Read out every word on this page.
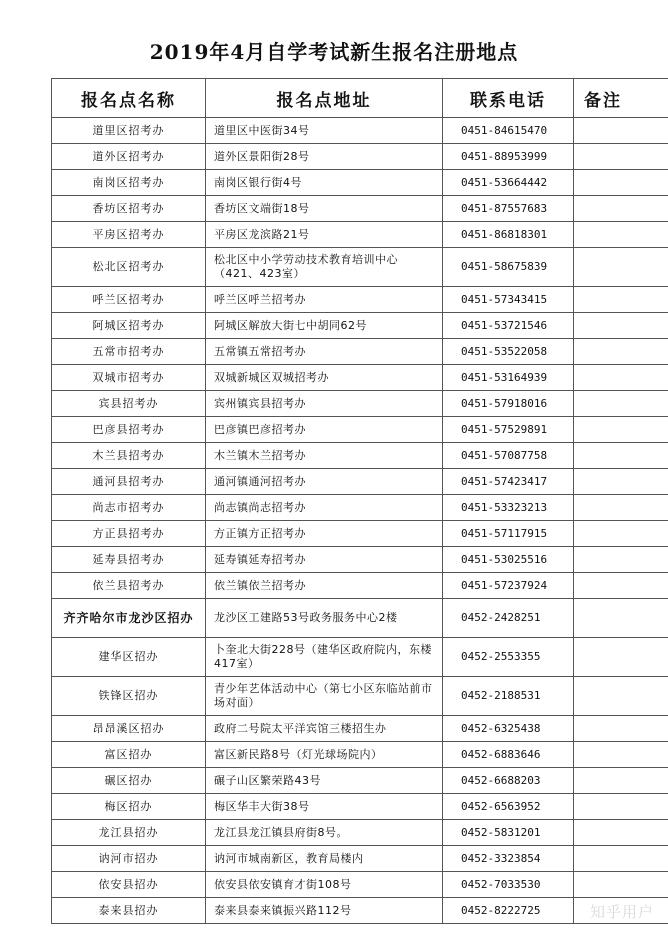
2019年4月自学考试新生报名注册地点
报名点名称	报名点地址	联系电话	备注
道里区招考办	道里区中医街34号	0451-84615470	
道外区招考办	道外区景阳街28号	0451-88953999	
南岗区招考办	南岗区银行街4号	0451-53664442	
香坊区招考办	香坊区文端街18号	0451-87557683	
平房区招考办	平房区龙滨路21号	0451-86818301	
松北区招考办	松北区中小学劳动技术教育培训中心（421、423室）	0451-58675839	
呼兰区招考办	呼兰区呼兰招考办	0451-57343415	
阿城区招考办	阿城区解放大街七中胡同62号	0451-53721546	
五常市招考办	五常镇五常招考办	0451-53522058	
双城市招考办	双城新城区双城招考办	0451-53164939	
宾县招考办	宾州镇宾县招考办	0451-57918016	
巴彦县招考办	巴彦镇巴彦招考办	0451-57529891	
木兰县招考办	木兰镇木兰招考办	0451-57087758	
通河县招考办	通河镇通河招考办	0451-57423417	
尚志市招考办	尚志镇尚志招考办	0451-53323213	
方正县招考办	方正镇方正招考办	0451-57117915	
延寿县招考办	延寿镇延寿招考办	0451-53025516	
依兰县招考办	依兰镇依兰招考办	0451-57237924	
齐齐哈尔市龙沙区招办	龙沙区工建路53号政务服务中心2楼	0452-2428251	
建华区招办	卜奎北大街228号（建华区政府院内，东楼417室）	0452-2553355	
铁锋区招办	青少年艺体活动中心（第七小区东临站前市场对面）	0452-2188531	
昂昂溪区招办	政府二号院太平洋宾馆三楼招生办	0452-6325438	
富区招办	富区新民路8号（灯光球场院内）	0452-6883646	
碾区招办	碾子山区繁荣路43号	0452-6688203	
梅区招办	梅区华丰大街38号	0452-6563952	
龙江县招办	龙江县龙江镇县府街8号。	0452-5831201	
讷河市招办	讷河市城南新区，教育局楼内	0452-3323854	
依安县招办	依安县依安镇育才街108号	0452-7033530	
泰来县招办	泰来县泰来镇振兴路112号	0452-8222725		知乎用户
